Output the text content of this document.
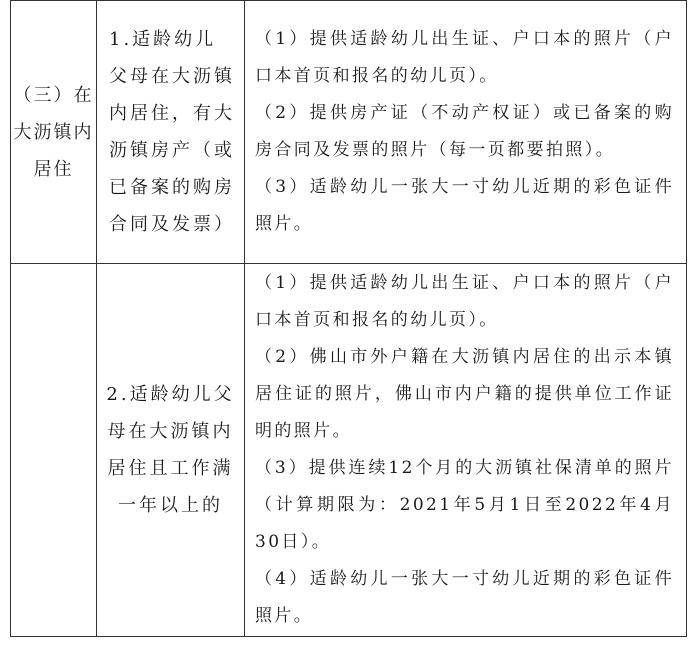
（三）在大沥镇内居住	1.适龄幼儿父母在大沥镇内居住，有大沥镇房产（或已备案的购房合同及发票）	（1）提供适龄幼儿出生证、户口本的照片（户口本首页和报名的幼儿页）。
（2）提供房产证（不动产权证）或已备案的购房合同及发票的照片（每一页都要拍照）。
（3）适龄幼儿一张大一寸幼儿近期的彩色证件照片。

	2.适龄幼儿父母在大沥镇内居住且工作满一年以上的	（1）提供适龄幼儿出生证、户口本的照片（户口本首页和报名的幼儿页）。
（2）佛山市外户籍在大沥镇内居住的出示本镇居住证的照片，佛山市内户籍的提供单位工作证明的照片。
（3）提供连续12个月的大沥镇社保清单的照片（计算期限为：2021年5月1日至2022年4月30日）。
（4）适龄幼儿一张大一寸幼儿近期的彩色证件照片。
